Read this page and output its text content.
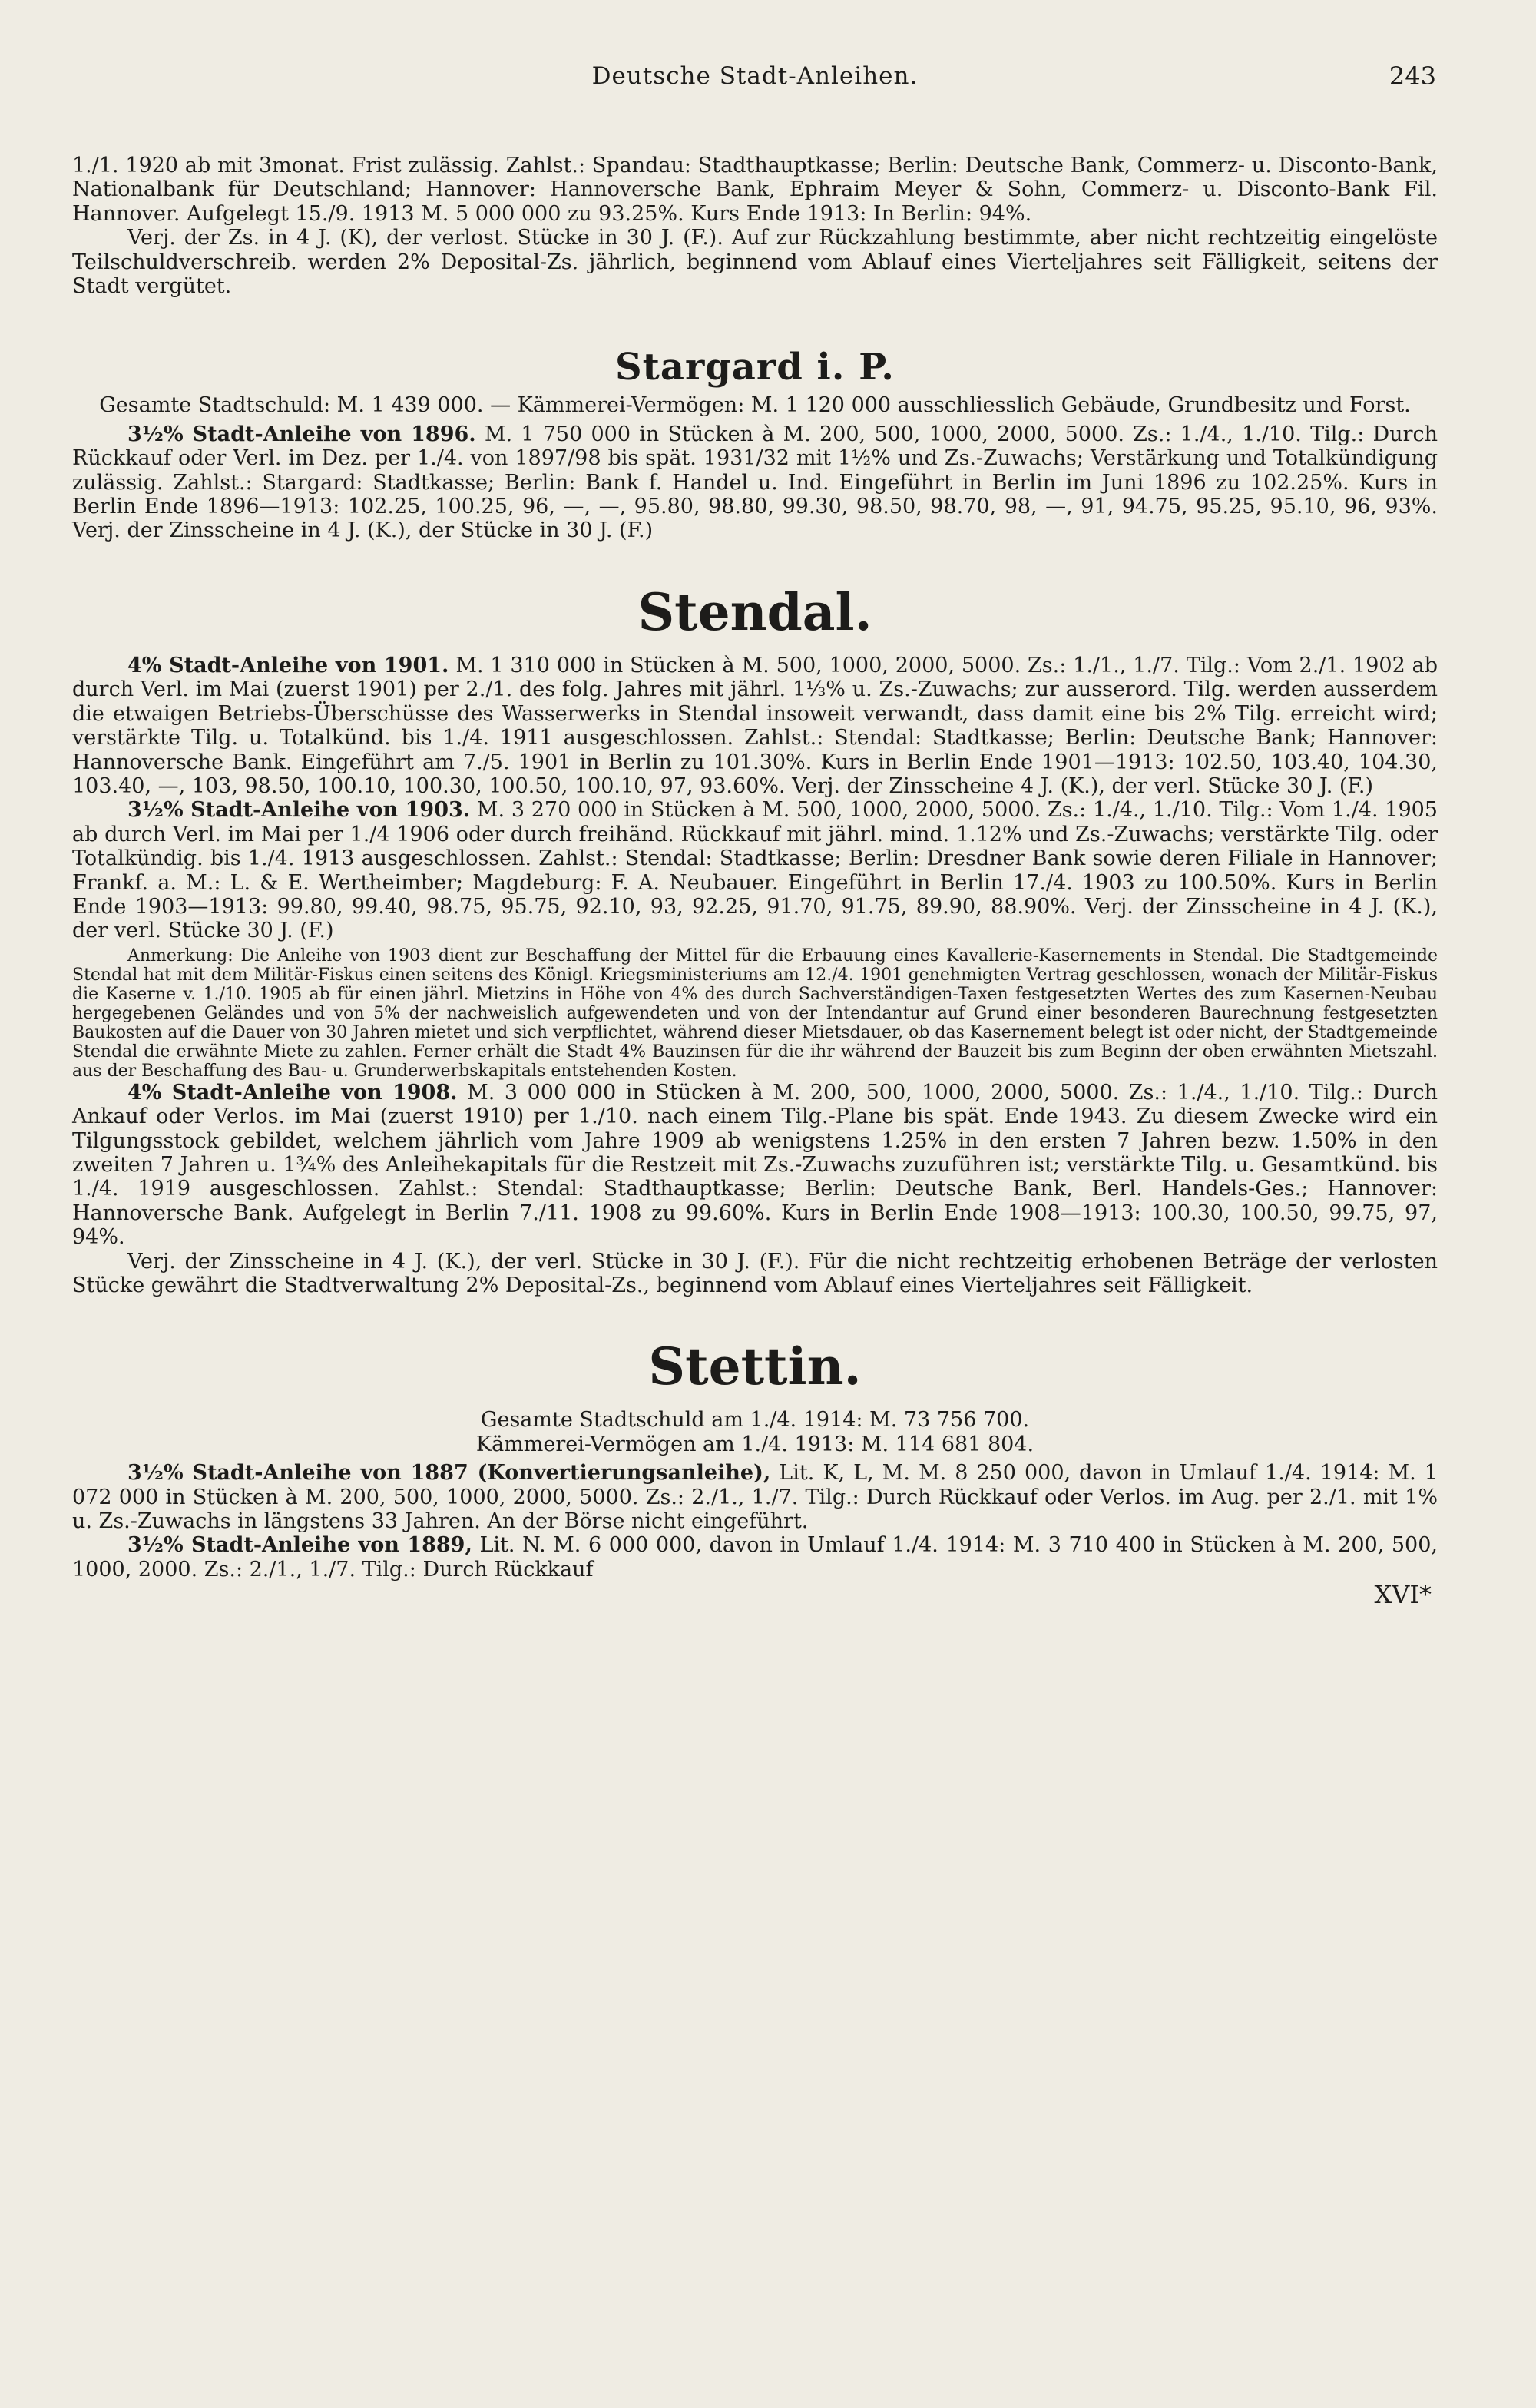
Deutsche Stadt-Anleihen.	243

1./1. 1920 ab mit 3monat. Frist zulässig. Zahlst.: Spandau: Stadthauptkasse; Berlin: Deutsche Bank, Commerz- u. Disconto-Bank, Nationalbank für Deutschland; Hannover: Hannoversche Bank, Ephraim Meyer & Sohn, Commerz- u. Disconto-Bank Fil. Hannover. Aufgelegt 15./9. 1913 M. 5 000 000 zu 93.25%. Kurs Ende 1913: In Berlin: 94%.

Verj. der Zs. in 4 J. (K), der verlost. Stücke in 30 J. (F.). Auf zur Rückzahlung bestimmte, aber nicht rechtzeitig eingelöste Teilschuldverschreib. werden 2% Deposital-Zs. jährlich, beginnend vom Ablauf eines Vierteljahres seit Fälligkeit, seitens der Stadt vergütet.

Stargard i. P.

Gesamte Stadtschuld: M. 1 439 000. — Kämmerei-Vermögen: M. 1 120 000 ausschliesslich Gebäude, Grundbesitz und Forst.

3½% Stadt-Anleihe von 1896. M. 1 750 000 in Stücken à M. 200, 500, 1000, 2000, 5000. Zs.: 1./4., 1./10. Tilg.: Durch Rückkauf oder Verl. im Dez. per 1./4. von 1897/98 bis spät. 1931/32 mit 1½% und Zs.-Zuwachs; Verstärkung und Totalkündigung zulässig. Zahlst.: Stargard: Stadtkasse; Berlin: Bank f. Handel u. Ind. Eingeführt in Berlin im Juni 1896 zu 102.25%. Kurs in Berlin Ende 1896—1913: 102.25, 100.25, 96, —, —, 95.80, 98.80, 99.30, 98.50, 98.70, 98, —, 91, 94.75, 95.25, 95.10, 96, 93%. Verj. der Zinsscheine in 4 J. (K.), der Stücke in 30 J. (F.)

Stendal.

4% Stadt-Anleihe von 1901. M. 1 310 000 in Stücken à M. 500, 1000, 2000, 5000. Zs.: 1./1., 1./7. Tilg.: Vom 2./1. 1902 ab durch Verl. im Mai (zuerst 1901) per 2./1. des folg. Jahres mit jährl. 1⅓% u. Zs.-Zuwachs; zur ausserord. Tilg. werden ausserdem die etwaigen Betriebs-Überschüsse des Wasserwerks in Stendal insoweit verwandt, dass damit eine bis 2% Tilg. erreicht wird; verstärkte Tilg. u. Totalkünd. bis 1./4. 1911 ausgeschlossen. Zahlst.: Stendal: Stadtkasse; Berlin: Deutsche Bank; Hannover: Hannoversche Bank. Eingeführt am 7./5. 1901 in Berlin zu 101.30%. Kurs in Berlin Ende 1901—1913: 102.50, 103.40, 104.30, 103.40, —, 103, 98.50, 100.10, 100.30, 100.50, 100.10, 97, 93.60%. Verj. der Zinsscheine 4 J. (K.), der verl. Stücke 30 J. (F.)

3½% Stadt-Anleihe von 1903. M. 3 270 000 in Stücken à M. 500, 1000, 2000, 5000. Zs.: 1./4., 1./10. Tilg.: Vom 1./4. 1905 ab durch Verl. im Mai per 1./4 1906 oder durch freihänd. Rückkauf mit jährl. mind. 1.12% und Zs.-Zuwachs; verstärkte Tilg. oder Totalkündig. bis 1./4. 1913 ausgeschlossen. Zahlst.: Stendal: Stadtkasse; Berlin: Dresdner Bank sowie deren Filiale in Hannover; Frankf. a. M.: L. & E. Wertheimber; Magdeburg: F. A. Neubauer. Eingeführt in Berlin 17./4. 1903 zu 100.50%. Kurs in Berlin Ende 1903—1913: 99.80, 99.40, 98.75, 95.75, 92.10, 93, 92.25, 91.70, 91.75, 89.90, 88.90%. Verj. der Zinsscheine in 4 J. (K.), der verl. Stücke 30 J. (F.)

Anmerkung: Die Anleihe von 1903 dient zur Beschaffung der Mittel für die Erbauung eines Kavallerie-Kasernements in Stendal. Die Stadtgemeinde Stendal hat mit dem Militär-Fiskus einen seitens des Königl. Kriegsministeriums am 12./4. 1901 genehmigten Vertrag geschlossen, wonach der Militär-Fiskus die Kaserne v. 1./10. 1905 ab für einen jährl. Mietzins in Höhe von 4% des durch Sachverständigen-Taxen festgesetzten Wertes des zum Kasernen-Neubau hergegebenen Geländes und von 5% der nachweislich aufgewendeten und von der Intendantur auf Grund einer besonderen Baurechnung festgesetzten Baukosten auf die Dauer von 30 Jahren mietet und sich verpflichtet, während dieser Mietsdauer, ob das Kasernement belegt ist oder nicht, der Stadtgemeinde Stendal die erwähnte Miete zu zahlen. Ferner erhält die Stadt 4% Bauzinsen für die ihr während der Bauzeit bis zum Beginn der oben erwähnten Mietszahl. aus der Beschaffung des Bau- u. Grunderwerbskapitals entstehenden Kosten.

4% Stadt-Anleihe von 1908. M. 3 000 000 in Stücken à M. 200, 500, 1000, 2000, 5000. Zs.: 1./4., 1./10. Tilg.: Durch Ankauf oder Verlos. im Mai (zuerst 1910) per 1./10. nach einem Tilg.-Plane bis spät. Ende 1943. Zu diesem Zwecke wird ein Tilgungsstock gebildet, welchem jährlich vom Jahre 1909 ab wenigstens 1.25% in den ersten 7 Jahren bezw. 1.50% in den zweiten 7 Jahren u. 1¾% des Anleihekapitals für die Restzeit mit Zs.-Zuwachs zuzuführen ist; verstärkte Tilg. u. Gesamtkünd. bis 1./4. 1919 ausgeschlossen. Zahlst.: Stendal: Stadthauptkasse; Berlin: Deutsche Bank, Berl. Handels-Ges.; Hannover: Hannoversche Bank. Aufgelegt in Berlin 7./11. 1908 zu 99.60%. Kurs in Berlin Ende 1908—1913: 100.30, 100.50, 99.75, 97, 94%.

Verj. der Zinsscheine in 4 J. (K.), der verl. Stücke in 30 J. (F.). Für die nicht rechtzeitig erhobenen Beträge der verlosten Stücke gewährt die Stadtverwaltung 2% Deposital-Zs., beginnend vom Ablauf eines Vierteljahres seit Fälligkeit.

Stettin.

Gesamte Stadtschuld am 1./4. 1914: M. 73 756 700.

Kämmerei-Vermögen am 1./4. 1913: M. 114 681 804.

3½% Stadt-Anleihe von 1887 (Konvertierungsanleihe), Lit. K, L, M. M. 8 250 000, davon in Umlauf 1./4. 1914: M. 1 072 000 in Stücken à M. 200, 500, 1000, 2000, 5000. Zs.: 2./1., 1./7. Tilg.: Durch Rückkauf oder Verlos. im Aug. per 2./1. mit 1% u. Zs.-Zuwachs in längstens 33 Jahren. An der Börse nicht eingeführt.

3½% Stadt-Anleihe von 1889, Lit. N. M. 6 000 000, davon in Umlauf 1./4. 1914: M. 3 710 400 in Stücken à M. 200, 500, 1000, 2000. Zs.: 2./1., 1./7. Tilg.: Durch Rückkauf

XVI*
